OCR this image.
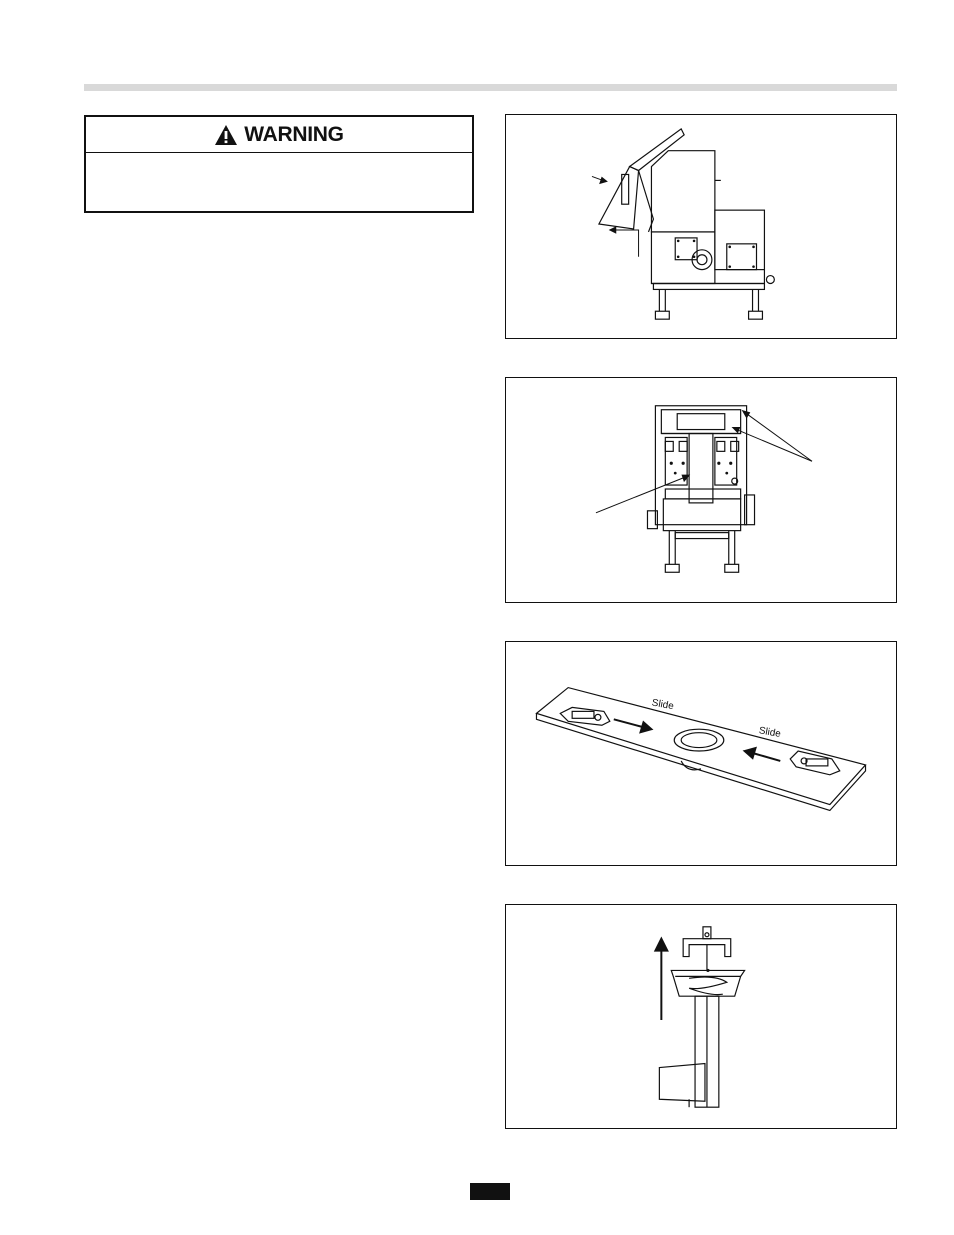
WARNING
Slide
Slide
